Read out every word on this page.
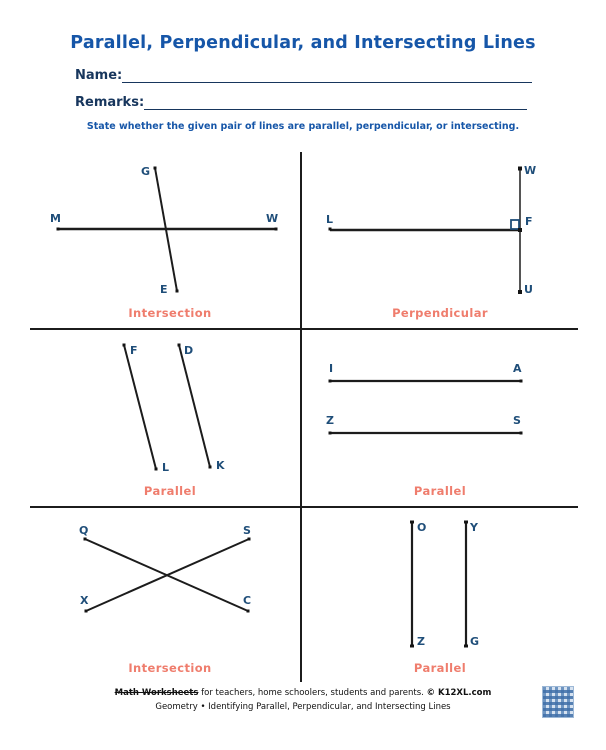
Parallel, Perpendicular, and Intersecting Lines
Name:
Remarks:
State whether the given pair of lines are parallel, perpendicular, or intersecting.
G
E
M	W
W
U
L	F
F
L
D
K
I	A
Z	S
Q	S
X	C
O
Z
Y
G
Intersection	Perpendicular
Parallel	Parallel
Intersection	Parallel
Math Worksheets for teachers, home schoolers, students and parents. © K12XL.com
Geometry • Identifying Parallel, Perpendicular, and Intersecting Lines
